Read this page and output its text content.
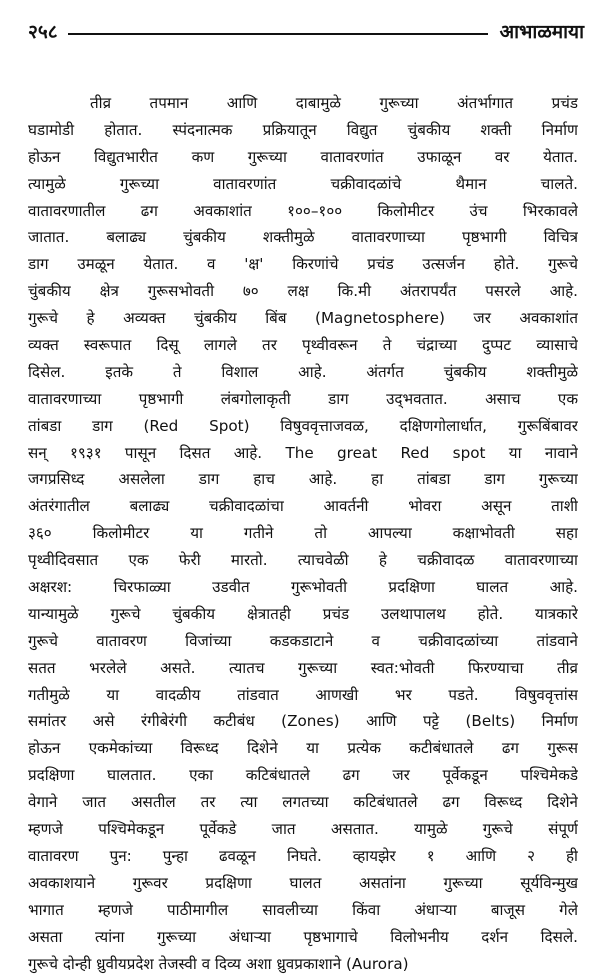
२५८	आभाळमाया
तीव्र तपमान आणि दाबामुळे गुरूच्या अंतर्भागात प्रचंड
घडामोडी होतात. स्पंदनात्मक प्रक्रियातून विद्युत चुंबकीय शक्ती निर्माण
होऊन विद्युतभारीत कण गुरूच्या वातावरणांत उफाळून वर येतात.
त्यामुळे गुरूच्या वातावरणांत चक्रीवादळांचे थैमान चालते.
वातावरणातील ढग अवकाशांत १००–१०० किलोमीटर उंच भिरकावले
जातात. बलाढ्य चुंबकीय शक्तीमुळे वातावरणाच्या पृष्ठभागी विचित्र
डाग उमळून येतात. व 'क्ष' किरणांचे प्रचंड उत्सर्जन होते. गुरूचे
चुंबकीय क्षेत्र गुरूसभोवती ७० लक्ष कि.मी अंतरापर्यंत पसरले आहे.
गुरूचे हे अव्यक्त चुंबकीय बिंब (Magnetosphere) जर अवकाशांत
व्यक्त स्वरूपात दिसू लागले तर पृथ्वीवरून ते चंद्राच्या दुप्पट व्यासाचे
दिसेल. इतके ते विशाल आहे. अंतर्गत चुंबकीय शक्तीमुळे
वातावरणाच्या पृष्ठभागी लंबगोलाकृती डाग उद्‌भवतात. असाच एक
तांबडा डाग (Red Spot) विषुववृत्ताजवळ, दक्षिणगोलार्धात, गुरूबिंबावर
सन् १९३१ पासून दिसत आहे. The great Red spot या नावाने
जगप्रसिध्द असलेला डाग हाच आहे. हा तांबडा डाग गुरूच्या
अंतरंगातील बलाढ्य चक्रीवादळांचा आवर्तनी भोवरा असून ताशी
३६० किलोमीटर या गतीने तो आपल्या कक्षाभोवती सहा
पृथ्वीदिवसात एक फेरी मारतो. त्याचवेळी हे चक्रीवादळ वातावरणाच्या
अक्षरश: चिरफाळ्या उडवीत गुरूभोवती प्रदक्षिणा घालत आहे.
यान्यामुळे गुरूचे चुंबकीय क्षेत्रातही प्रचंड उलथापालथ होते. यात्रकारे
गुरूचे वातावरण विजांच्या कडकडाटाने व चक्रीवादळांच्या तांडवाने
सतत भरलेले असते. त्यातच गुरूच्या स्वत:भोवती फिरण्याचा तीव्र
गतीमुळे या वादळीय तांडवात आणखी भर पडते. विषुववृत्तांस
समांतर असे रंगीबेरंगी कटीबंध (Zones) आणि पट्टे (Belts) निर्माण
होऊन एकमेकांच्या विरूध्द दिशेने या प्रत्येक कटीबंधातले ढग गुरूस
प्रदक्षिणा घालतात. एका कटिबंधातले ढग जर पूर्वेकडून पश्चिमेकडे
वेगाने जात असतील तर त्या लगतच्या कटिबंधातले ढग विरूध्द दिशेने
म्हणजे पश्चिमेकडून पूर्वेकडे जात असतात. यामुळे गुरूचे संपूर्ण
वातावरण पुन: पुन्हा ढवळून निघते. व्हायझेर १ आणि २ ही
अवकाशयाने गुरूवर प्रदक्षिणा घालत असतांना गुरूच्या सूर्यविन्मुख
भागात म्हणजे पाठीमागील सावलीच्या किंवा अंधाऱ्या बाजूस गेले
असता त्यांना गुरूच्या अंधाऱ्या पृष्ठभागाचे विलोभनीय दर्शन दिसले.
गुरूचे दोन्ही ध्रुवीयप्रदेश तेजस्वी व दिव्य अशा ध्रुवप्रकाशाने (Aurora)
